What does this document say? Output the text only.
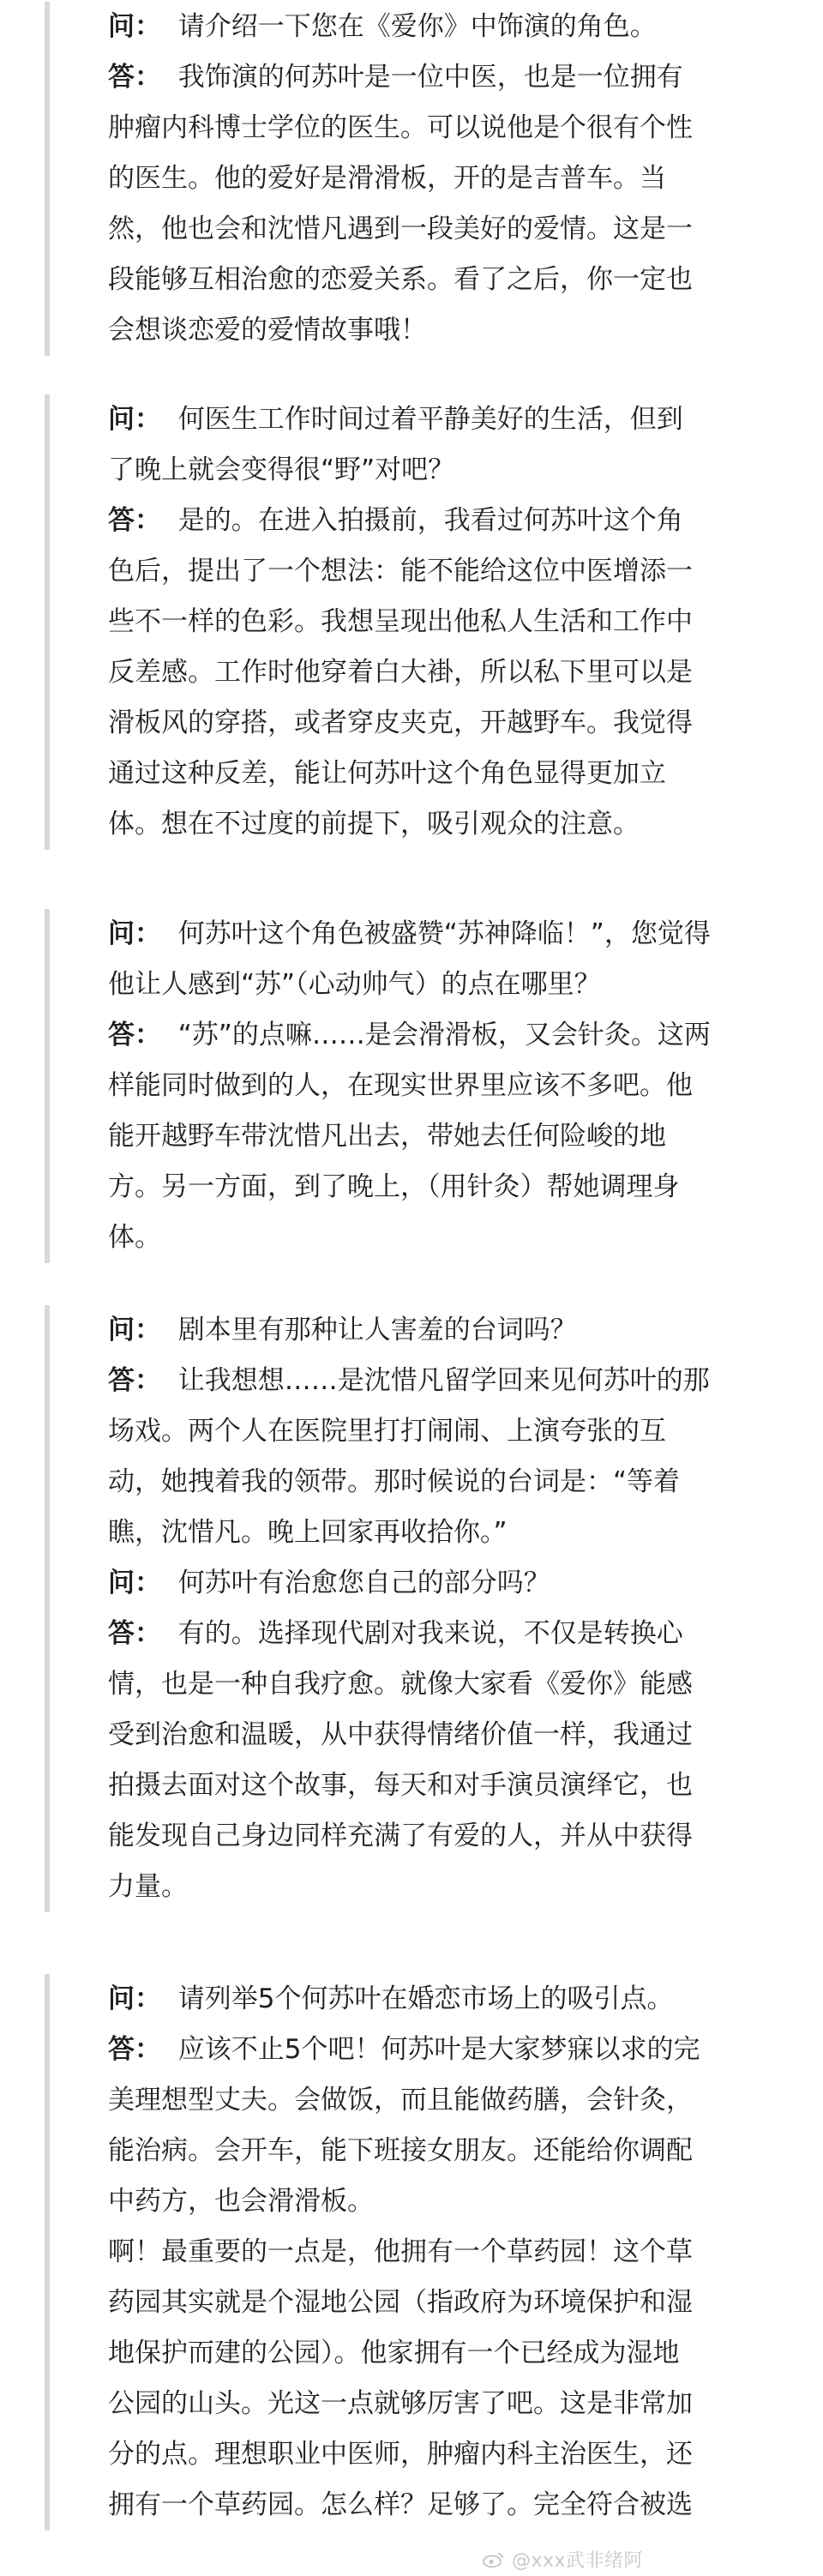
问： 请介绍一下您在《爱你》中饰演的角色。
答： 我饰演的何苏叶是一位中医，也是一位拥有
肿瘤内科博士学位的医生。可以说他是个很有个性
的医生。他的爱好是滑滑板，开的是吉普车。当
然，他也会和沈惜凡遇到一段美好的爱情。这是一
段能够互相治愈的恋爱关系。看了之后，你一定也
会想谈恋爱的爱情故事哦！
问： 何医生工作时间过着平静美好的生活，但到
了晚上就会变得很“野”对吧？
答： 是的。在进入拍摄前，我看过何苏叶这个角
色后，提出了一个想法：能不能给这位中医增添一
些不一样的色彩。我想呈现出他私人生活和工作中
反差感。工作时他穿着白大褂，所以私下里可以是
滑板风的穿搭，或者穿皮夹克，开越野车。我觉得
通过这种反差，能让何苏叶这个角色显得更加立
体。想在不过度的前提下，吸引观众的注意。
问： 何苏叶这个角色被盛赞“苏神降临！”，您觉得
他让人感到“苏”（心动帅气）的点在哪里？
答： “苏”的点嘛……是会滑滑板，又会针灸。这两
样能同时做到的人，在现实世界里应该不多吧。他
能开越野车带沈惜凡出去，带她去任何险峻的地
方。另一方面，到了晚上，（用针灸）帮她调理身
体。
问： 剧本里有那种让人害羞的台词吗？
答： 让我想想……是沈惜凡留学回来见何苏叶的那
场戏。两个人在医院里打打闹闹、上演夸张的互
动，她拽着我的领带。那时候说的台词是：“等着
瞧，沈惜凡。晚上回家再收拾你。”
问： 何苏叶有治愈您自己的部分吗？
答： 有的。选择现代剧对我来说，不仅是转换心
情，也是一种自我疗愈。就像大家看《爱你》能感
受到治愈和温暖，从中获得情绪价值一样，我通过
拍摄去面对这个故事，每天和对手演员演绎它，也
能发现自己身边同样充满了有爱的人，并从中获得
力量。
问： 请列举5个何苏叶在婚恋市场上的吸引点。
答： 应该不止5个吧！何苏叶是大家梦寐以求的完
美理想型丈夫。会做饭，而且能做药膳，会针灸，
能治病。会开车，能下班接女朋友。还能给你调配
中药方，也会滑滑板。
啊！最重要的一点是，他拥有一个草药园！这个草
药园其实就是个湿地公园（指政府为环境保护和湿
地保护而建的公园）。他家拥有一个已经成为湿地
公园的山头。光这一点就够厉害了吧。这是非常加
分的点。理想职业中医师，肿瘤内科主治医生，还
拥有一个草药园。怎么样？足够了。完全符合被选
@xxx武非绪阿
